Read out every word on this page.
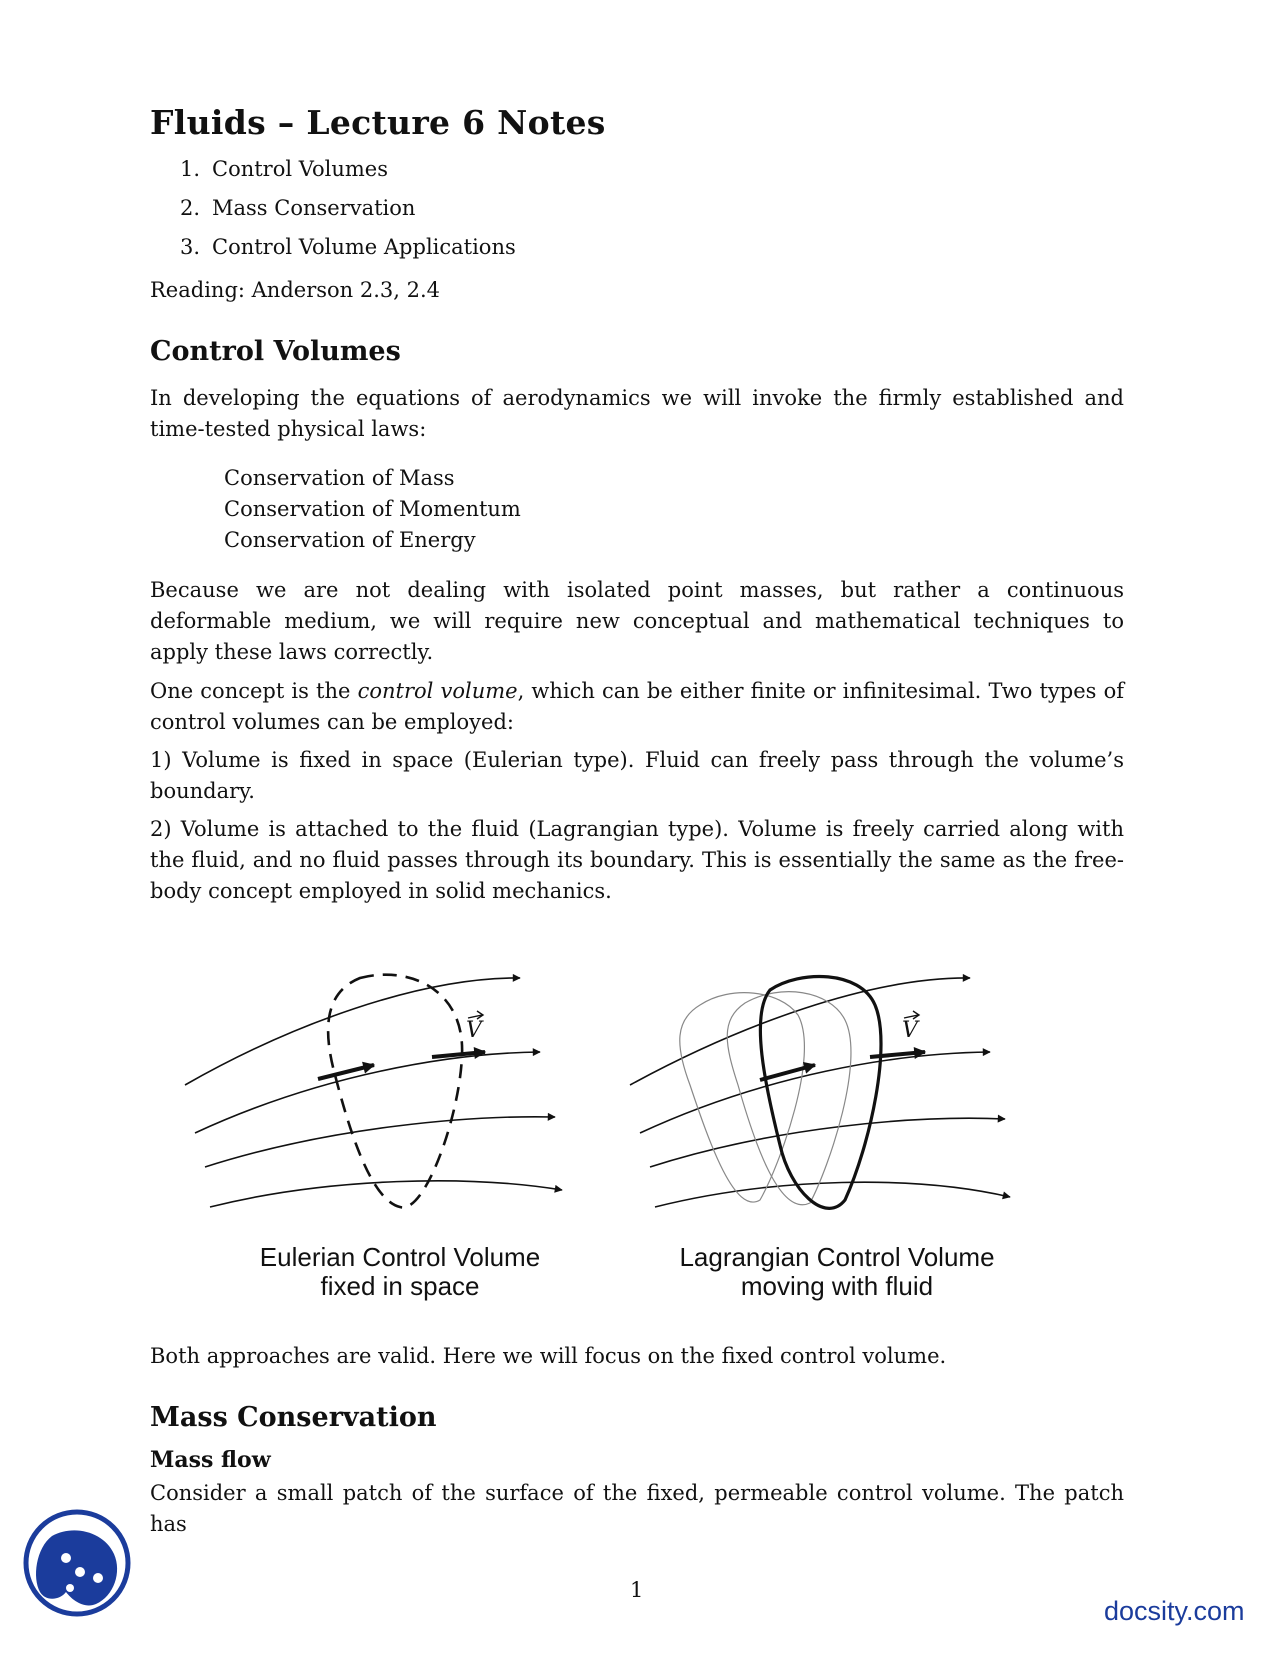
Fluids – Lecture 6 Notes
1. Control Volumes
2. Mass Conservation
3. Control Volume Applications
Reading: Anderson 2.3, 2.4
Control Volumes
In developing the equations of aerodynamics we will invoke the firmly established and time-tested physical laws:
Conservation of Mass
Conservation of Momentum
Conservation of Energy
Because we are not dealing with isolated point masses, but rather a continuous deformable medium, we will require new conceptual and mathematical techniques to apply these laws correctly.
One concept is the control volume, which can be either finite or infinitesimal. Two types of control volumes can be employed:
1) Volume is fixed in space (Eulerian type). Fluid can freely pass through the volume’s boundary.
2) Volume is attached to the fluid (Lagrangian type). Volume is freely carried along with the fluid, and no fluid passes through its boundary. This is essentially the same as the free-body concept employed in solid mechanics.
V	V
Eulerian Control Volume
fixed in space
Lagrangian Control Volume
moving with fluid
Both approaches are valid. Here we will focus on the fixed control volume.
Mass Conservation
Mass flow
Consider a small patch of the surface of the fixed, permeable control volume. The patch has
1
docsity.com
